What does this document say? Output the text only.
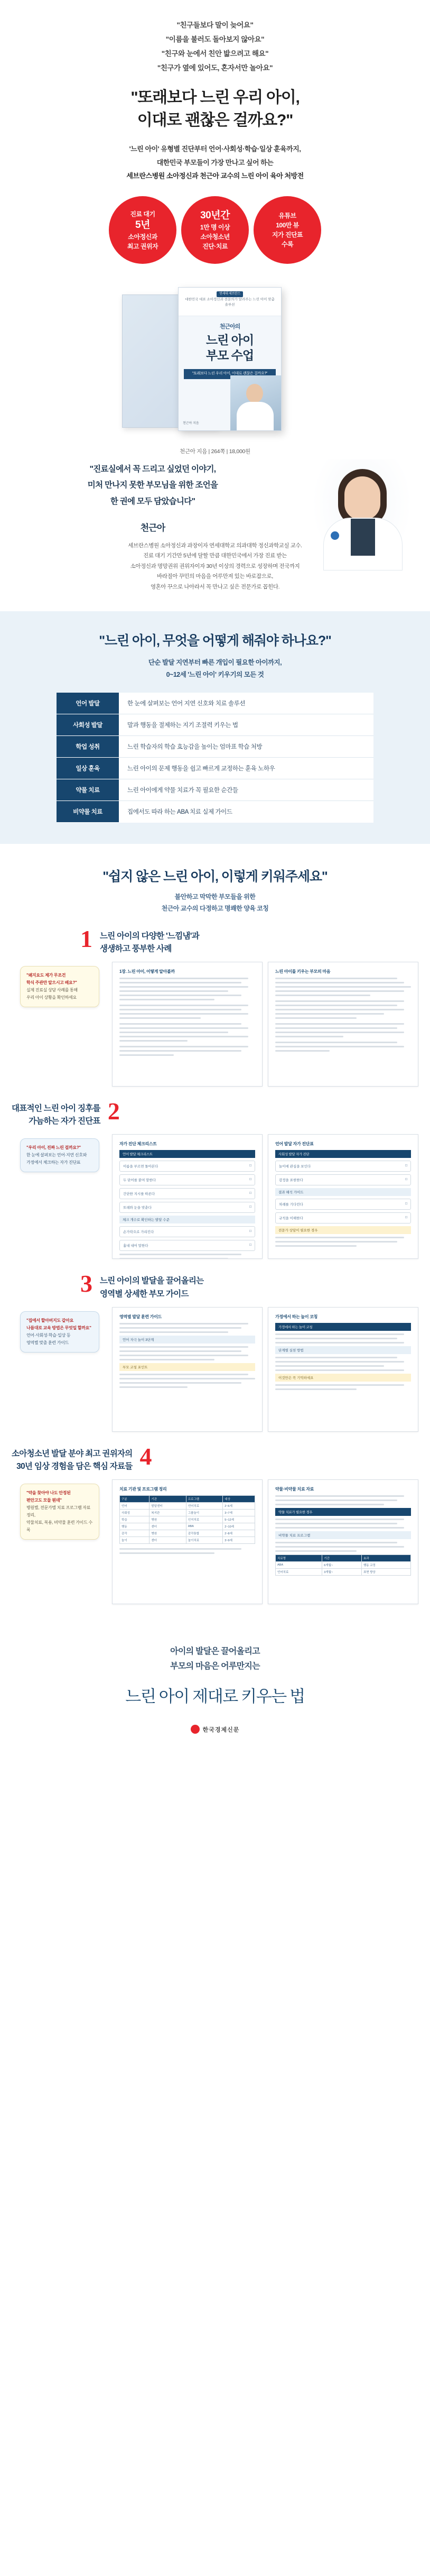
"친구들보다 말이 늦어요"
"이름을 불러도 돌아보지 않아요"
"친구와 눈에서 친안 밟으려고 해요"
"친구가 옆에 있어도, 혼자서만 놀아요"
"또래보다 느린 우리 아이,
이대로 괜찮은 걸까요?"
'느린 아이' 유형별 진단부터 언어·사회성·학습·일상 훈육까지,
대한민국 부모들이 가장 만나고 싶어 하는
세브란스병원 소아정신과 천근아 교수의 느린 아이 육아 처방전
진료 대기
5년
소아정신과
최고 권위자
30년간
1만 명 이상
소아청소년
진단·치료
유튜브
100만 뷰
지가 진단표
수록
연세대 세브란스
대한민국 대표 소아정신과 전문의가 알려주는 느린 아이 맞춤 솔루션
천근아의
느린 아이
부모 수업
"또래보다 느린 우리 아이, 이대로 괜찮은 걸까요?"
천근아 지음
천근아 지음 | 264쪽 | 18,000원
"진료실에서 꼭 드리고 싶었던 이야기,
미처 만나지 못한 부모님을 위한 조언을
한 권에 모두 담았습니다"
천근아
세브란스병원 소아정신과 과장이자 연세대학교 의과대학 정신과학교실 교수.
진료 대기 기간만 5년에 달할 만큼 대한민국에서 가장 진료 받는
소아정신과 명망권위 권위자이자 30년 이상의 경력으로 성장하며 전국까지
바라질아 꾸민의 마음을 어루만져 있는 바로잡으로,
영혼아 꾸으로 나아라서 꼭 만나고 싶은 전문가로 꼽힌다.
"느린 아이, 무엇을 어떻게 해줘야 하나요?"
단순 발달 지연부터 빠른 개입이 필요한 아이까지,
0~12세 '느린 아이' 키우기의 모든 것
언어 발달	한 눈에 살펴보는 언어 지연 신호와 치료 솔루션
사회성 발달	말과 행동을 절제하는 지기 조절력 키우는 법
학업 성취	느린 학습자의 학습 효능감을 높이는 엄마표 학습 처방
일상 훈육	느린 아이의 문제 행동을 쉽고 빠르게 교정하는 훈육 노하우
약물 치료	느린 아이에게 약물 치료가 꼭 필요한 순간들
비약물 치료	집에서도 따라 하는 ABA 치료 실제 가이드
"쉽지 않은 느린 아이, 이렇게 키워주세요"
불안하고 막막한 부모들을 위한
천근아 교수의 다정하고 명쾌한 양육 코칭
1 느린 아이의 다양한 '느낌냄'과
생생하고 풍부한 사례
"왜지요도 제가 무조건
학식 주관만 알으시고 배요?"
실제 진료실 상담 사례를 통해
우리 아이 상황을 확인하세요
1장. 느린 아이, 어떻게 알아볼까	느린 아이를 키우는 부모의 마음
2
대표적인 느린 아이 징후를
가늠하는 자가 진단표
"우리 아이, 진짜 느린 걸까요?"
한 눈에 살펴보는 언어·지연 신호와
가정에서 체크하는 자가 진단표
자가 진단 체크리스트
언어 발달 체크리스트
이름을 부르면 돌아본다	□
두 단어를 붙여 말한다	□
간단한 지시를 따른다	□
또래와 눈을 맞춘다	□
체크 개수로 확인하는 발달 수준
손가락으로 가리킨다	□
흉내 내어 말한다	□
언어 발달 자가 진단표
사회성 발달 자가 진단
놀이에 관심을 보인다	□
감정을 표현한다	□
결과 해석 가이드
차례를 기다린다	□
규칙을 이해한다	□
전문가 상담이 필요한 경우
3 느린 아이의 발달을 끌어올리는
영역별 상세한 부모 가이드
"집에서 할아버지도 같아요
나름대로 교육 방법은 무엇일 할까요"
언어·사회성·학습·일상 등
영역별 맞춤 훈련 가이드
영역별 발달 훈련 가이드
언어 자극 놀이 3단계
부모 코칭 포인트
가정에서 하는 놀이 코칭
가정에서 하는 놀이 코칭
단계별 실천 방법
이것만은 꼭 기억하세요
4
소아청소년 발달 분야 최고 권위자의
30년 임상 경험을 담은 핵심 자료들
"약을 찾아야 나도 안정된
편안고도 모들 뭔데"
병원별, 전문가별 치료 프로그램 자료 정리,
약물치료, 복용, 비약물 훈련 가이드 수록
치료 기관 및 프로그램 정리
구분	기관	프로그램	대상
언어	발달센터	언어치료	2~6세
사회성	복지관	그룹놀이	3~7세
학습	병원	인지치료	5~12세
행동	센터	ABA	2~10세
감각	병원	감각통합	2~8세
놀이	센터	놀이치료	3~9세
약물·비약물 치료 자료
약물 치료가 필요한 경우
비약물 치료 프로그램
치료명	기간	효과
ABA	6개월~	행동 교정
언어치료	3개월~	표현 향상
아이의 발달은 끌어올리고
부모의 마음은 어루만지는
느린 아이 제대로 키우는 법
한국경제신문
